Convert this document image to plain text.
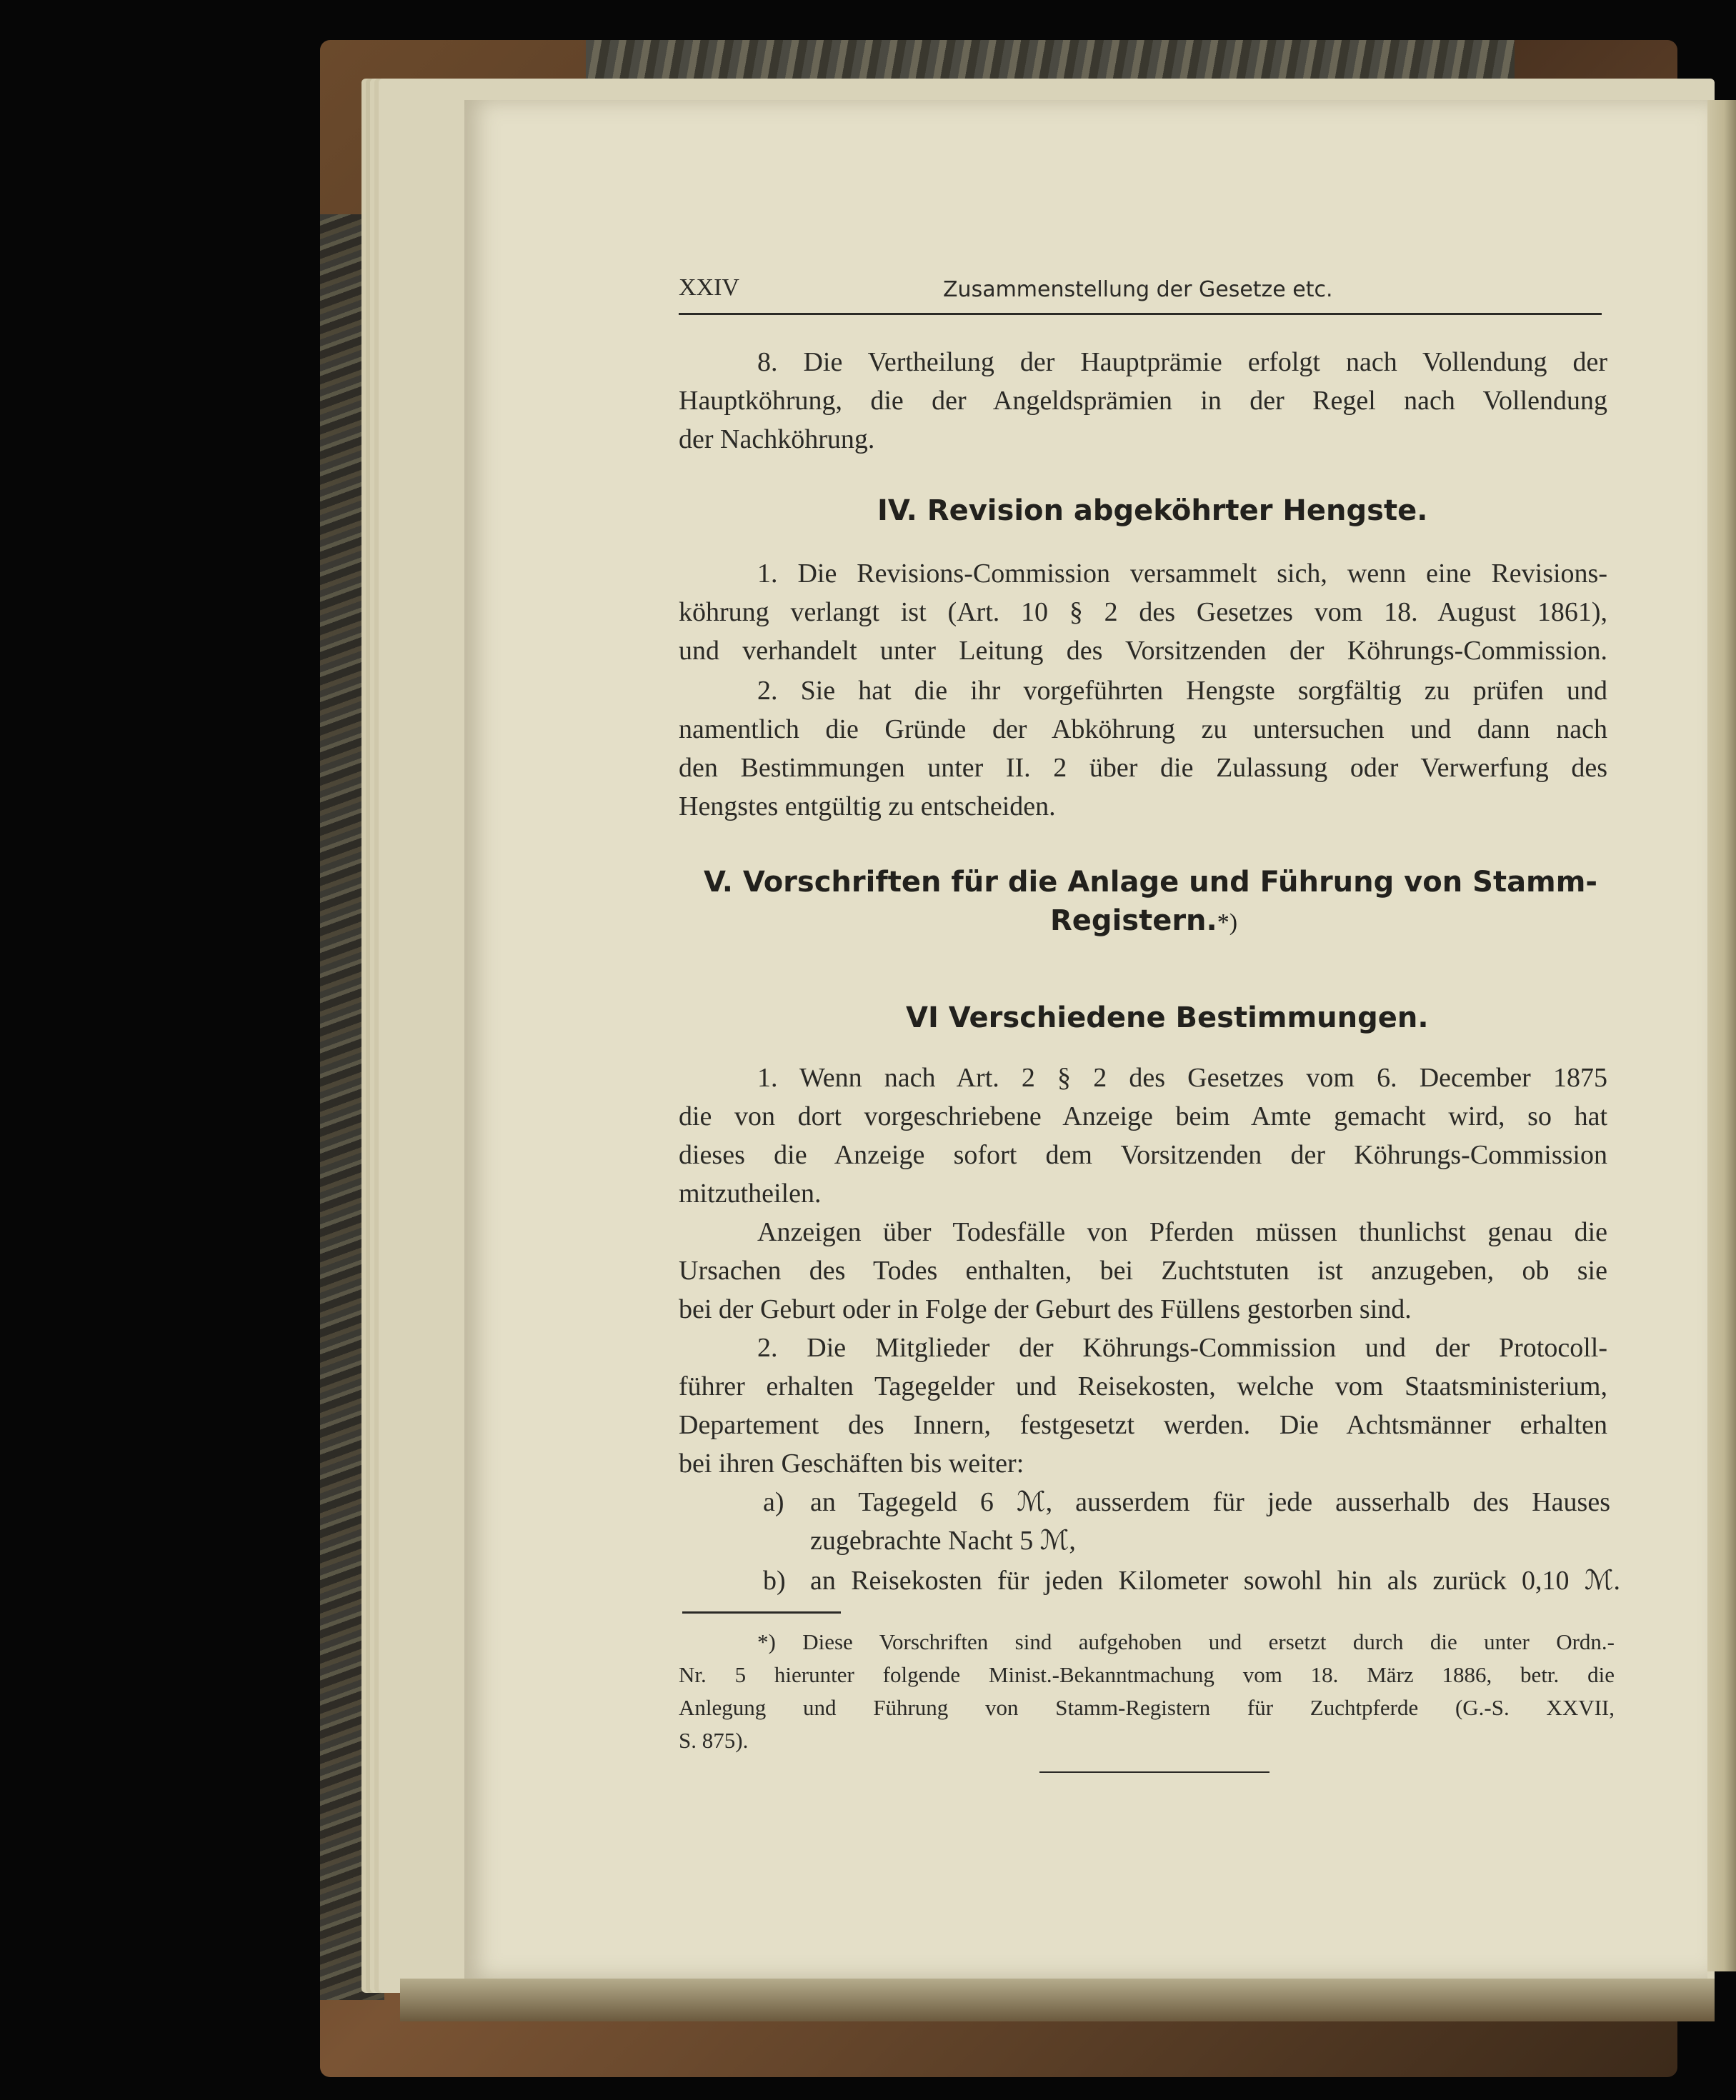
XXIV	Zusammenstellung der Gesetze etc.
8. Die Vertheilung der Hauptprämie erfolgt nach Vollendung der
Hauptköhrung, die der Angeldsprämien in der Regel nach Vollendung
der Nachköhrung.
IV. Revision abgeköhrter Hengste.
1. Die Revisions-Commission versammelt sich, wenn eine Revisions-
köhrung verlangt ist (Art. 10 § 2 des Gesetzes vom 18. August 1861),
und verhandelt unter Leitung des Vorsitzenden der Köhrungs-Commission.
2. Sie hat die ihr vorgeführten Hengste sorgfältig zu prüfen und
namentlich die Gründe der Abköhrung zu untersuchen und dann nach
den Bestimmungen unter II. 2 über die Zulassung oder Verwerfung des
Hengstes entgültig zu entscheiden.
V. Vorschriften für die Anlage und Führung von Stamm-
Registern.*)
VI Verschiedene Bestimmungen.
1. Wenn nach Art. 2 § 2 des Gesetzes vom 6. December 1875
die von dort vorgeschriebene Anzeige beim Amte gemacht wird, so hat
dieses die Anzeige sofort dem Vorsitzenden der Köhrungs-Commission
mitzutheilen.
Anzeigen über Todesfälle von Pferden müssen thunlichst genau die
Ursachen des Todes enthalten, bei Zuchtstuten ist anzugeben, ob sie
bei der Geburt oder in Folge der Geburt des Füllens gestorben sind.
2. Die Mitglieder der Köhrungs-Commission und der Protocoll-
führer erhalten Tagegelder und Reisekosten, welche vom Staatsministerium,
Departement des Innern, festgesetzt werden. Die Achtsmänner erhalten
bei ihren Geschäften bis weiter:
a) an Tagegeld 6 ℳ, ausserdem für jede ausserhalb des Hauses
zugebrachte Nacht 5 ℳ,
b) an Reisekosten für jeden Kilometer sowohl hin als zurück 0,10 ℳ.
*) Diese Vorschriften sind aufgehoben und ersetzt durch die unter Ordn.-
Nr. 5 hierunter folgende Minist.-Bekanntmachung vom 18. März 1886, betr. die
Anlegung und Führung von Stamm-Registern für Zuchtpferde (G.-S. XXVII,
S. 875).
